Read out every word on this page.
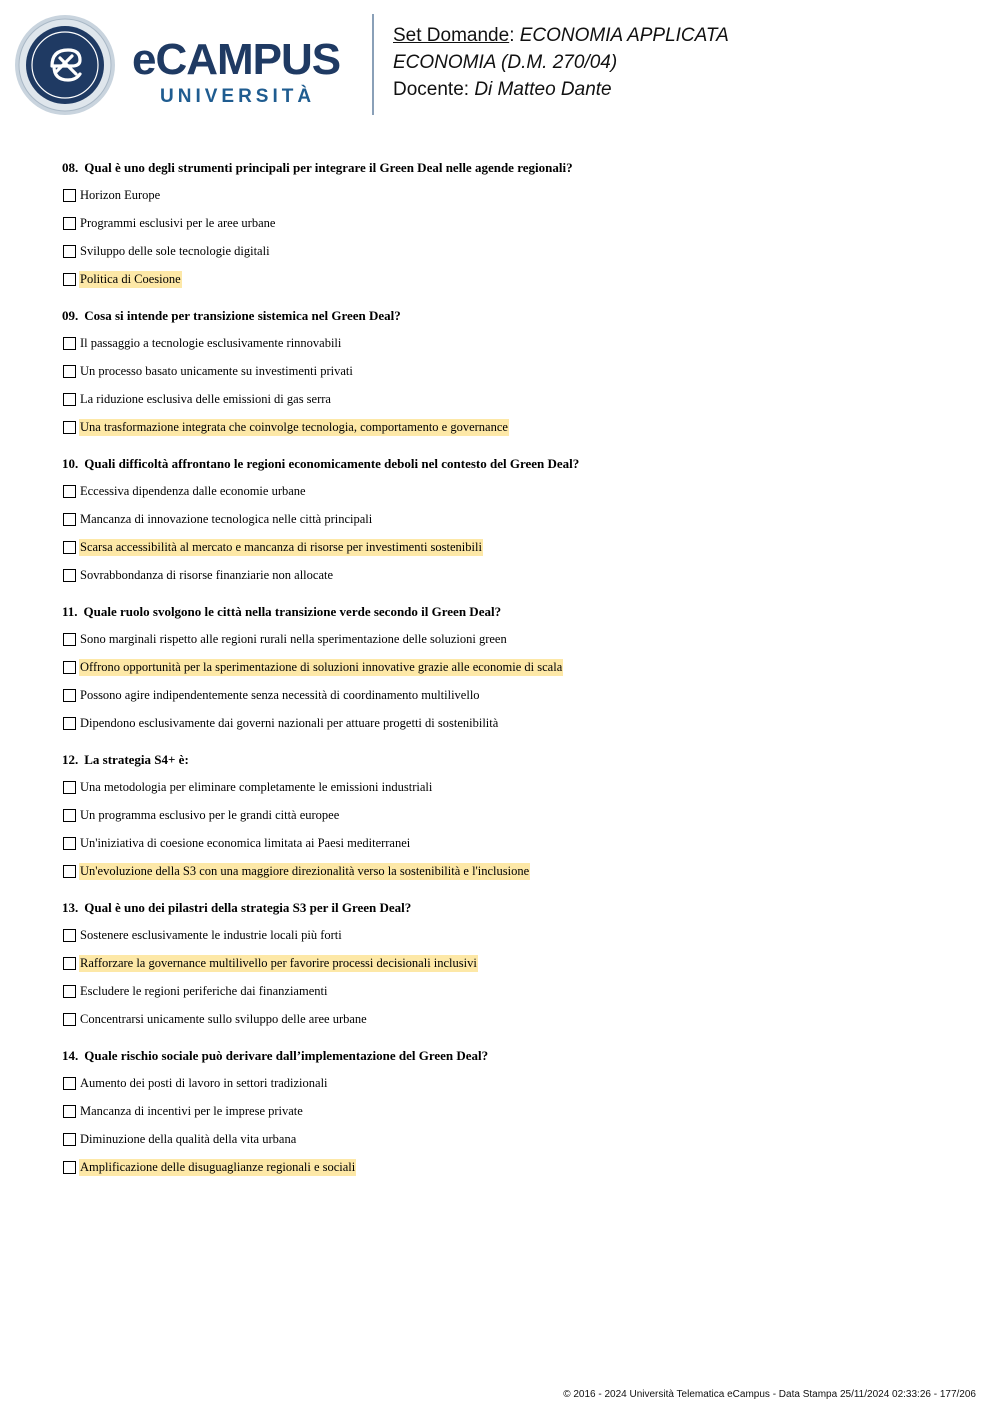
eCAMPUS
UNIVERSITÀ
Set Domande: ECONOMIA APPLICATA
ECONOMIA (D.M. 270/04)
Docente: Di Matteo Dante
08. Qual è uno degli strumenti principali per integrare il Green Deal nelle agende regionali?
Horizon Europe
Programmi esclusivi per le aree urbane
Sviluppo delle sole tecnologie digitali
Politica di Coesione
09. Cosa si intende per transizione sistemica nel Green Deal?
Il passaggio a tecnologie esclusivamente rinnovabili
Un processo basato unicamente su investimenti privati
La riduzione esclusiva delle emissioni di gas serra
Una trasformazione integrata che coinvolge tecnologia, comportamento e governance
10. Quali difficoltà affrontano le regioni economicamente deboli nel contesto del Green Deal?
Eccessiva dipendenza dalle economie urbane
Mancanza di innovazione tecnologica nelle città principali
Scarsa accessibilità al mercato e mancanza di risorse per investimenti sostenibili
Sovrabbondanza di risorse finanziarie non allocate
11. Quale ruolo svolgono le città nella transizione verde secondo il Green Deal?
Sono marginali rispetto alle regioni rurali nella sperimentazione delle soluzioni green
Offrono opportunità per la sperimentazione di soluzioni innovative grazie alle economie di scala
Possono agire indipendentemente senza necessità di coordinamento multilivello
Dipendono esclusivamente dai governi nazionali per attuare progetti di sostenibilità
12. La strategia S4+ è:
Una metodologia per eliminare completamente le emissioni industriali
Un programma esclusivo per le grandi città europee
Un'iniziativa di coesione economica limitata ai Paesi mediterranei
Un'evoluzione della S3 con una maggiore direzionalità verso la sostenibilità e l'inclusione
13. Qual è uno dei pilastri della strategia S3 per il Green Deal?
Sostenere esclusivamente le industrie locali più forti
Rafforzare la governance multilivello per favorire processi decisionali inclusivi
Escludere le regioni periferiche dai finanziamenti
Concentrarsi unicamente sullo sviluppo delle aree urbane
14. Quale rischio sociale può derivare dall’implementazione del Green Deal?
Aumento dei posti di lavoro in settori tradizionali
Mancanza di incentivi per le imprese private
Diminuzione della qualità della vita urbana
Amplificazione delle disuguaglianze regionali e sociali
© 2016 - 2024 Università Telematica eCampus - Data Stampa 25/11/2024 02:33:26 - 177/206
